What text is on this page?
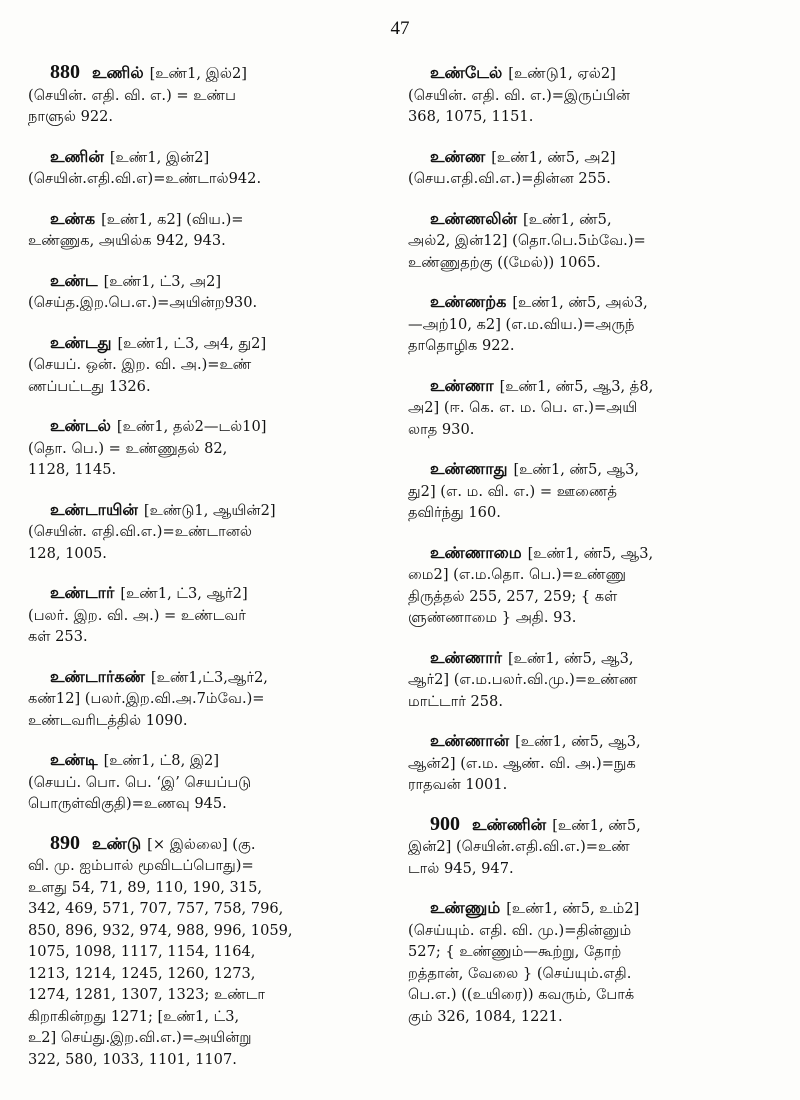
47
880 உணில் [உண்1, இல்2]
(செயின். எதி. வி. எ.) = உண்ப
நாளுல் 922.
உணின் [உண்1, இன்2]
(செயின்.எதி.வி.எ)=உண்டால்942.
உண்க [உண்1, க2] (விய.)=
உண்ணுக, அயில்க 942, 943.
உண்ட [உண்1, ட்3, அ2]
(செய்த.இற.பெ.எ.)=அயின்ற930.
உண்டது [உண்1, ட்3, அ4, து2]
(செயப். ஒன். இற. வி. அ.)=உண்
ணப்பட்டது 1326.
உண்டல் [உண்1, தல்2—டல்10]
(தொ. பெ.) = உண்ணுதல் 82,
1128, 1145.
உண்டாயின் [உண்டு1, ஆயின்2]
(செயின். எதி.வி.எ.)=உண்டானல்
128, 1005.
உண்டார் [உண்1, ட்3, ஆர்2]
(பலர். இற. வி. அ.) = உண்டவர்
கள் 253.
உண்டார்கண் [உண்1,ட்3,ஆர்2,
கண்12] (பலர்.இற.வி.அ.7ம்வே.)=
உண்டவரிடத்தில் 1090.
உண்டி [உண்1, ட்8, இ2]
(செயப். பொ. பெ. ‘இ’ செயப்படு
பொருள்விகுதி)=உணவு 945.
890 உண்டு [× இல்லை] (கு.
வி. மு. ஐம்பால் மூவிடப்பொது)=
உளது 54, 71, 89, 110, 190, 315,
342, 469, 571, 707, 757, 758, 796,
850, 896, 932, 974, 988, 996, 1059,
1075, 1098, 1117, 1154, 1164,
1213, 1214, 1245, 1260, 1273,
1274, 1281, 1307, 1323; உண்டா
கிறாகின்றது 1271; [உண்1, ட்3,
உ2] செய்து.இற.வி.எ.)=அயின்று
322, 580, 1033, 1101, 1107.
உண்டேல் [உண்டு1, ஏல்2]
(செயின். எதி. வி. எ.)=இருப்பின்
368, 1075, 1151.
உண்ண [உண்1, ண்5, அ2]
(செய.எதி.வி.எ.)=தின்ன 255.
உண்ணலின் [உண்1, ண்5,
அல்2, இன்12] (தொ.பெ.5ம்வே.)=
உண்ணுதற்கு ((மேல்)) 1065.
உண்ணற்க [உண்1, ண்5, அல்3,
—அற்10, க2] (எ.ம.விய.)=அருந்
தாதொழிக 922.
உண்ணா [உண்1, ண்5, ஆ3, த்8,
அ2] (ஈ. கெ. எ. ம. பெ. எ.)=அயி
லாத 930.
உண்ணாது [உண்1, ண்5, ஆ3,
து2] (எ. ம. வி. எ.) = ஊணைத்
தவிர்ந்து 160.
உண்ணாமை [உண்1, ண்5, ஆ3,
மை2] (எ.ம.தொ. பெ.)=உண்ணு
திருத்தல் 255, 257, 259; { கள்
ளுண்ணாமை } அதி. 93.
உண்ணார் [உண்1, ண்5, ஆ3,
ஆர்2] (எ.ம.பலர்.வி.மு.)=உண்ண
மாட்டார் 258.
உண்ணான் [உண்1, ண்5, ஆ3,
ஆன்2] (எ.ம. ஆண். வி. அ.)=நுக
ராதவன் 1001.
900 உண்ணின் [உண்1, ண்5,
இன்2] (செயின்.எதி.வி.எ.)=உண்
டால் 945, 947.
உண்ணும் [உண்1, ண்5, உம்2]
(செய்யும். எதி. வி. மு.)=தின்னும்
527; { உண்ணும்—கூற்று, தோற்
றத்தான், வேலை } (செய்யும்.எதி.
பெ.எ.) ((உயிரை)) கவரும், போக்
கும் 326, 1084, 1221.
